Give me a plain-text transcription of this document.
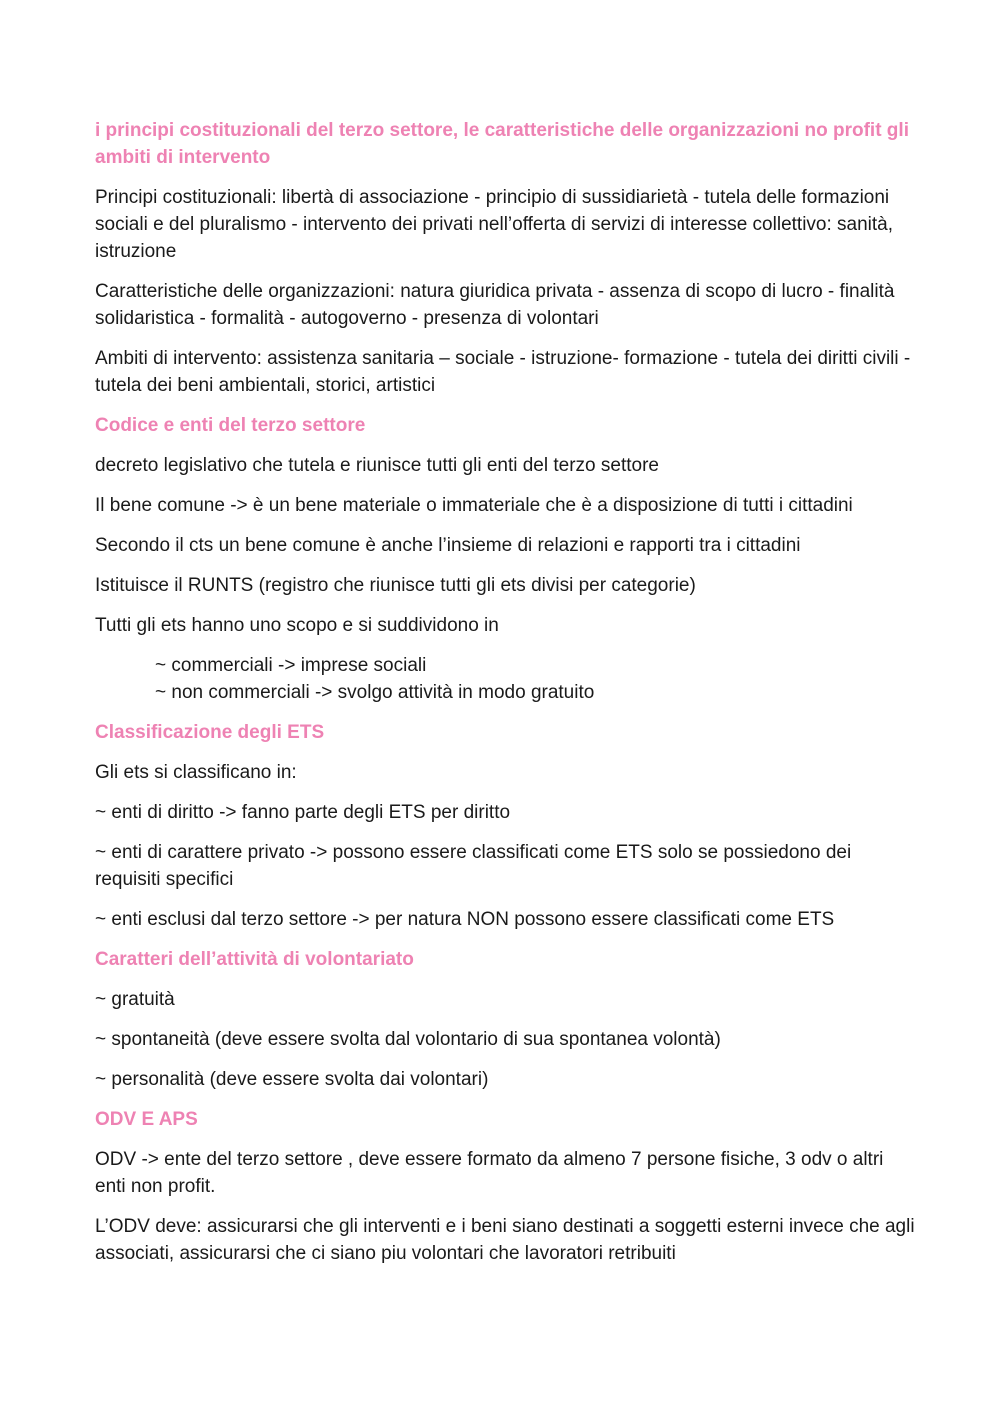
i principi costituzionali del terzo settore, le caratteristiche delle organizzazioni no profit gli ambiti di intervento
Principi costituzionali: libertà di associazione - principio di sussidiarietà - tutela delle formazioni sociali e del pluralismo - intervento dei privati nell’offerta di servizi di interesse collettivo: sanità, istruzione
Caratteristiche delle organizzazioni: natura giuridica privata - assenza di scopo di lucro - finalità solidaristica - formalità - autogoverno - presenza di volontari
Ambiti di intervento: assistenza sanitaria – sociale - istruzione- formazione - tutela dei diritti civili - tutela dei beni ambientali, storici, artistici
Codice e enti del terzo settore
decreto legislativo che tutela e riunisce tutti gli enti del terzo settore
Il bene comune -> è un bene materiale o immateriale che è a disposizione di tutti i cittadini
Secondo il cts un bene comune è anche l’insieme di relazioni e rapporti tra i cittadini
Istituisce il RUNTS (registro che riunisce tutti gli ets divisi per categorie)
Tutti gli ets hanno uno scopo e si suddividono in
~ commerciali -> imprese sociali
~ non commerciali -> svolgo attività in modo gratuito
Classificazione degli ETS
Gli ets si classificano in:
~ enti di diritto -> fanno parte degli ETS per diritto
~ enti di carattere privato -> possono essere classificati come ETS solo se possiedono dei requisiti specifici
~ enti esclusi dal terzo settore -> per natura NON possono essere classificati come ETS
Caratteri dell’attività di volontariato
~ gratuità
~ spontaneità (deve essere svolta dal volontario di sua spontanea volontà)
~ personalità (deve essere svolta dai volontari)
ODV E APS
ODV -> ente del terzo settore , deve essere formato da almeno 7 persone fisiche, 3 odv o altri enti non profit.
L’ODV deve: assicurarsi che gli interventi e i beni siano destinati a soggetti esterni invece che agli associati, assicurarsi che ci siano piu volontari che lavoratori retribuiti
